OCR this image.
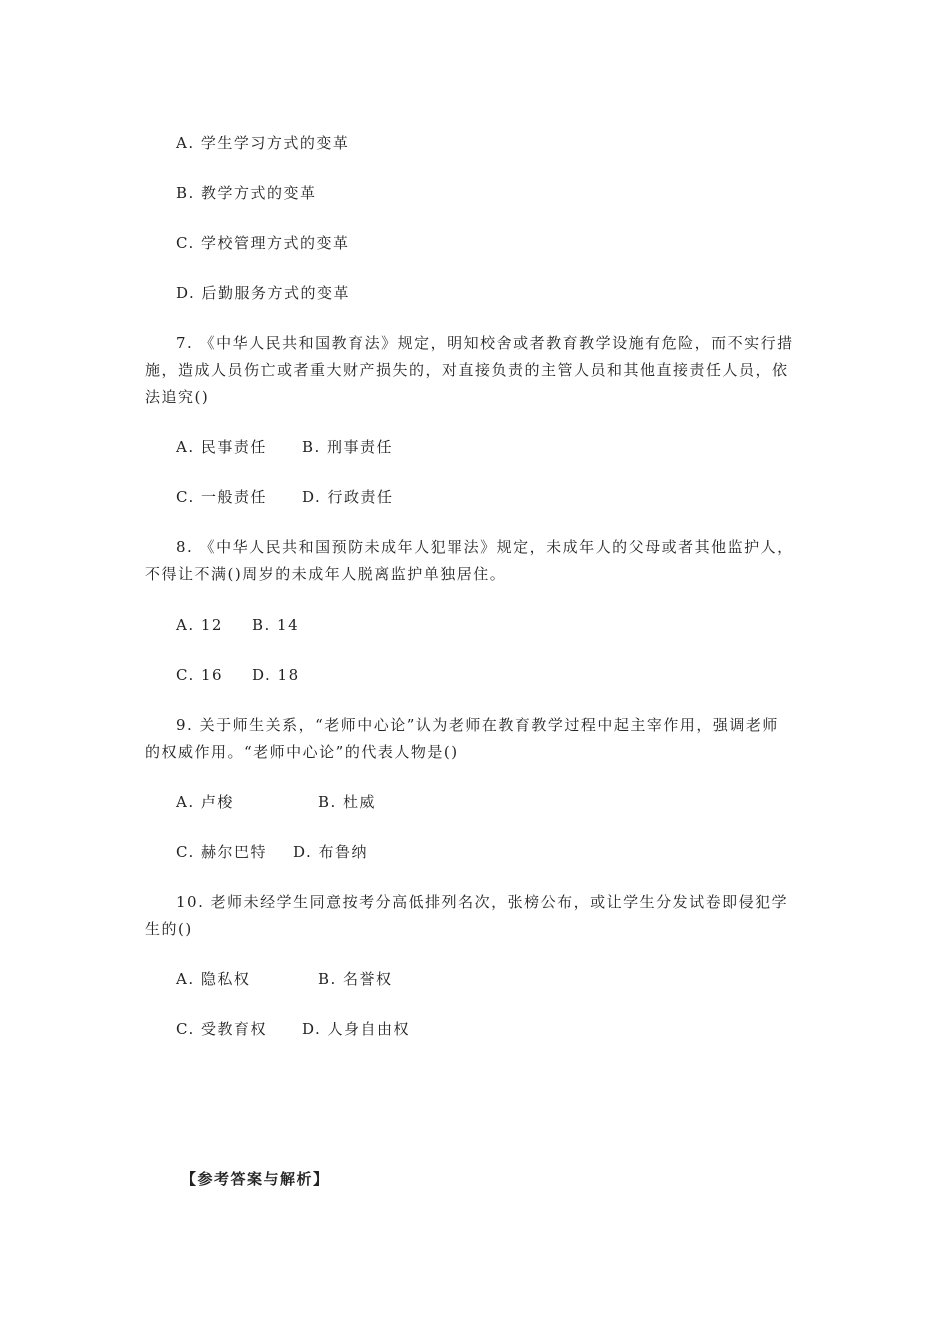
A. 学生学习方式的变革
B. 教学方式的变革
C. 学校管理方式的变革
D. 后勤服务方式的变革
7. 《中华人民共和国教育法》规定，明知校舍或者教育教学设施有危险，而不实行措
施，造成人员伤亡或者重大财产损失的，对直接负责的主管人员和其他直接责任人员，依
法追究()
A. 民事责任 B. 刑事责任
C. 一般责任 D. 行政责任
8. 《中华人民共和国预防未成年人犯罪法》规定，未成年人的父母或者其他监护人，
不得让不满()周岁的未成年人脱离监护单独居住。
A. 12 B. 14
C. 16 D. 18
9. 关于师生关系，“老师中心论”认为老师在教育教学过程中起主宰作用，强调老师
的权威作用。“老师中心论”的代表人物是()
A. 卢梭	B. 杜威
C. 赫尔巴特 D. 布鲁纳
10. 老师未经学生同意按考分高低排列名次，张榜公布，或让学生分发试卷即侵犯学
生的()
A. 隐私权	B. 名誉权
C. 受教育权 D. 人身自由权
【参考答案与解析】
